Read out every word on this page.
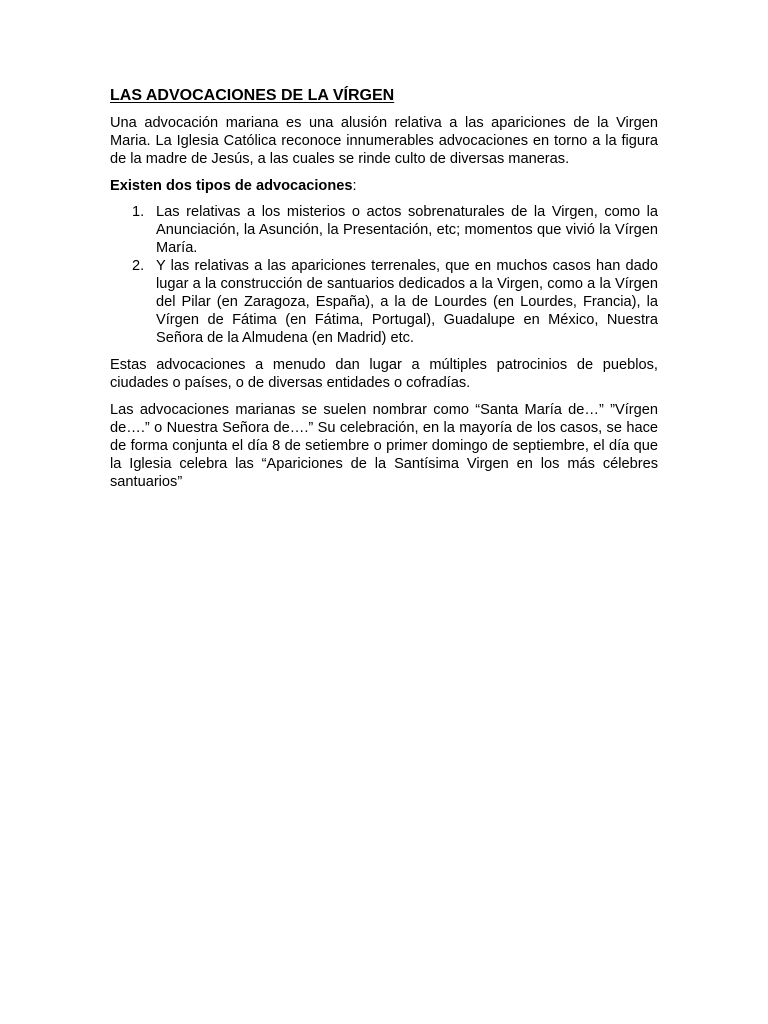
LAS ADVOCACIONES DE LA VÍRGEN

Una advocación mariana es una alusión relativa a las apariciones de la Virgen Maria. La Iglesia Católica reconoce innumerables advocaciones en torno a la figura de la madre de Jesús, a las cuales se rinde culto de diversas maneras.

Existen dos tipos de advocaciones:

1. Las relativas a los misterios o actos sobrenaturales de la Virgen, como la Anunciación, la Asunción, la Presentación, etc; momentos que vivió la Vírgen María.
2. Y las relativas a las apariciones terrenales, que en muchos casos han dado lugar a la construcción de santuarios dedicados a la Virgen, como a la Vírgen del Pilar (en Zaragoza, España), a la de Lourdes (en Lourdes, Francia), la Vírgen de Fátima (en Fátima, Portugal), Guadalupe en México, Nuestra Señora de la Almudena (en Madrid) etc.

Estas advocaciones a menudo dan lugar a múltiples patrocinios de pueblos, ciudades o países, o de diversas entidades o cofradías.

Las advocaciones marianas se suelen nombrar como “Santa María de…” ”Vírgen de….” o Nuestra Señora de….” Su celebración, en la mayoría de los casos, se hace de forma conjunta el día 8 de setiembre o primer domingo de septiembre, el día que la Iglesia celebra las “Apariciones de la Santísima Virgen en los más célebres santuarios”
